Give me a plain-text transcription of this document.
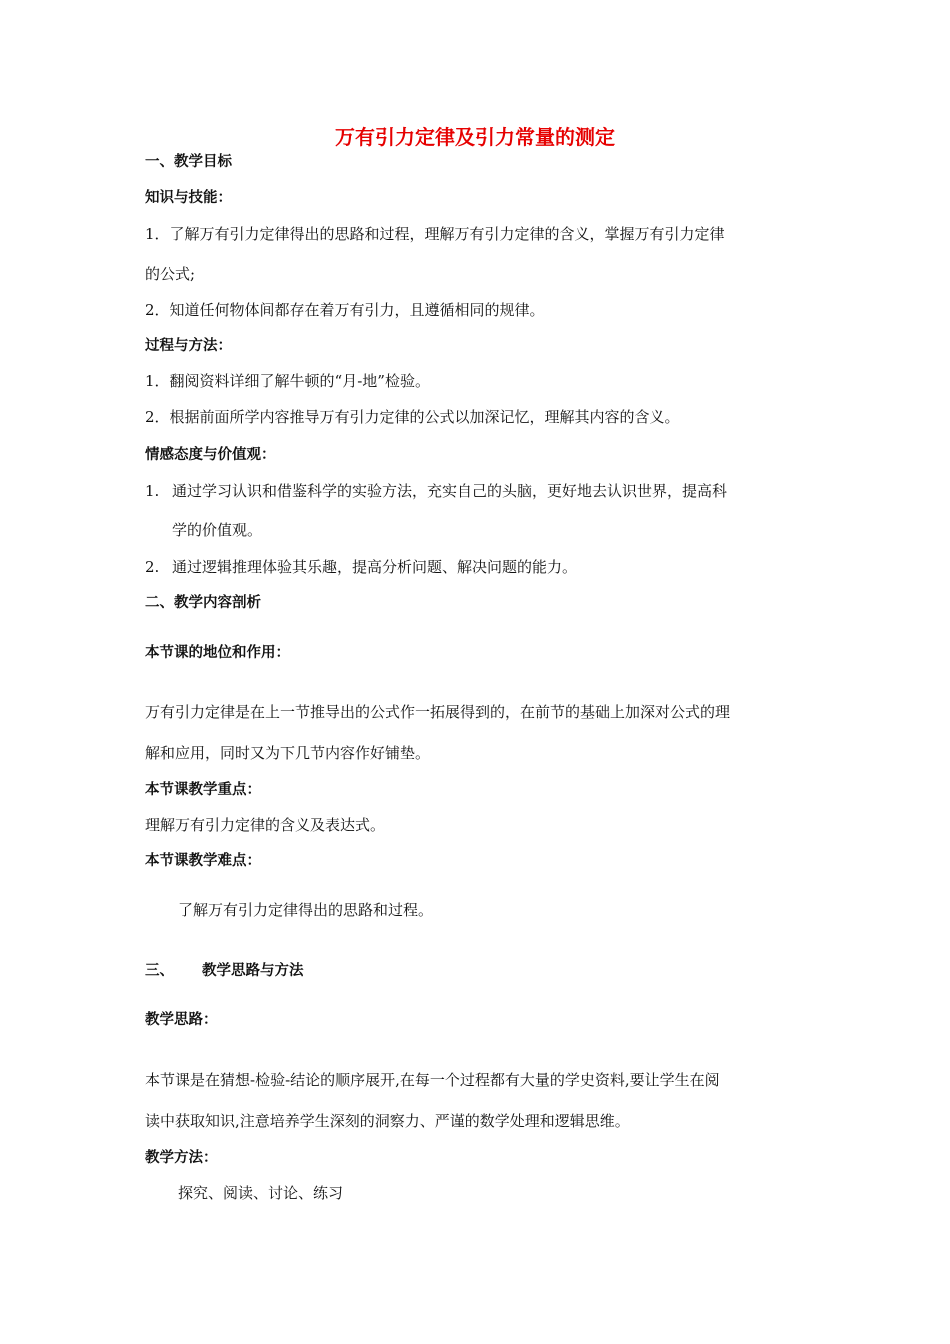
万有引力定律及引力常量的测定
一、教学目标
知识与技能：
1．了解万有引力定律得出的思路和过程，理解万有引力定律的含义，掌握万有引力定律
的公式;
2．知道任何物体间都存在着万有引力，且遵循相同的规律。
过程与方法：
1．翻阅资料详细了解牛顿的“月-地”检验。
2．根据前面所学内容推导万有引力定律的公式以加深记忆，理解其内容的含义。
情感态度与价值观：
1. 通过学习认识和借鉴科学的实验方法，充实自己的头脑，更好地去认识世界，提高科
学的价值观。
2. 通过逻辑推理体验其乐趣，提高分析问题、解决问题的能力。
二、教学内容剖析
本节课的地位和作用：
万有引力定律是在上一节推导出的公式作一拓展得到的，在前节的基础上加深对公式的理
解和应用，同时又为下几节内容作好铺垫。
本节课教学重点：
理解万有引力定律的含义及表达式。
本节课教学难点：
了解万有引力定律得出的思路和过程。
三、 教学思路与方法
教学思路：
本节课是在猜想-检验-结论的顺序展开,在每一个过程都有大量的学史资料,要让学生在阅
读中获取知识,注意培养学生深刻的洞察力、严谨的数学处理和逻辑思维。
教学方法：
探究、阅读、讨论、练习
